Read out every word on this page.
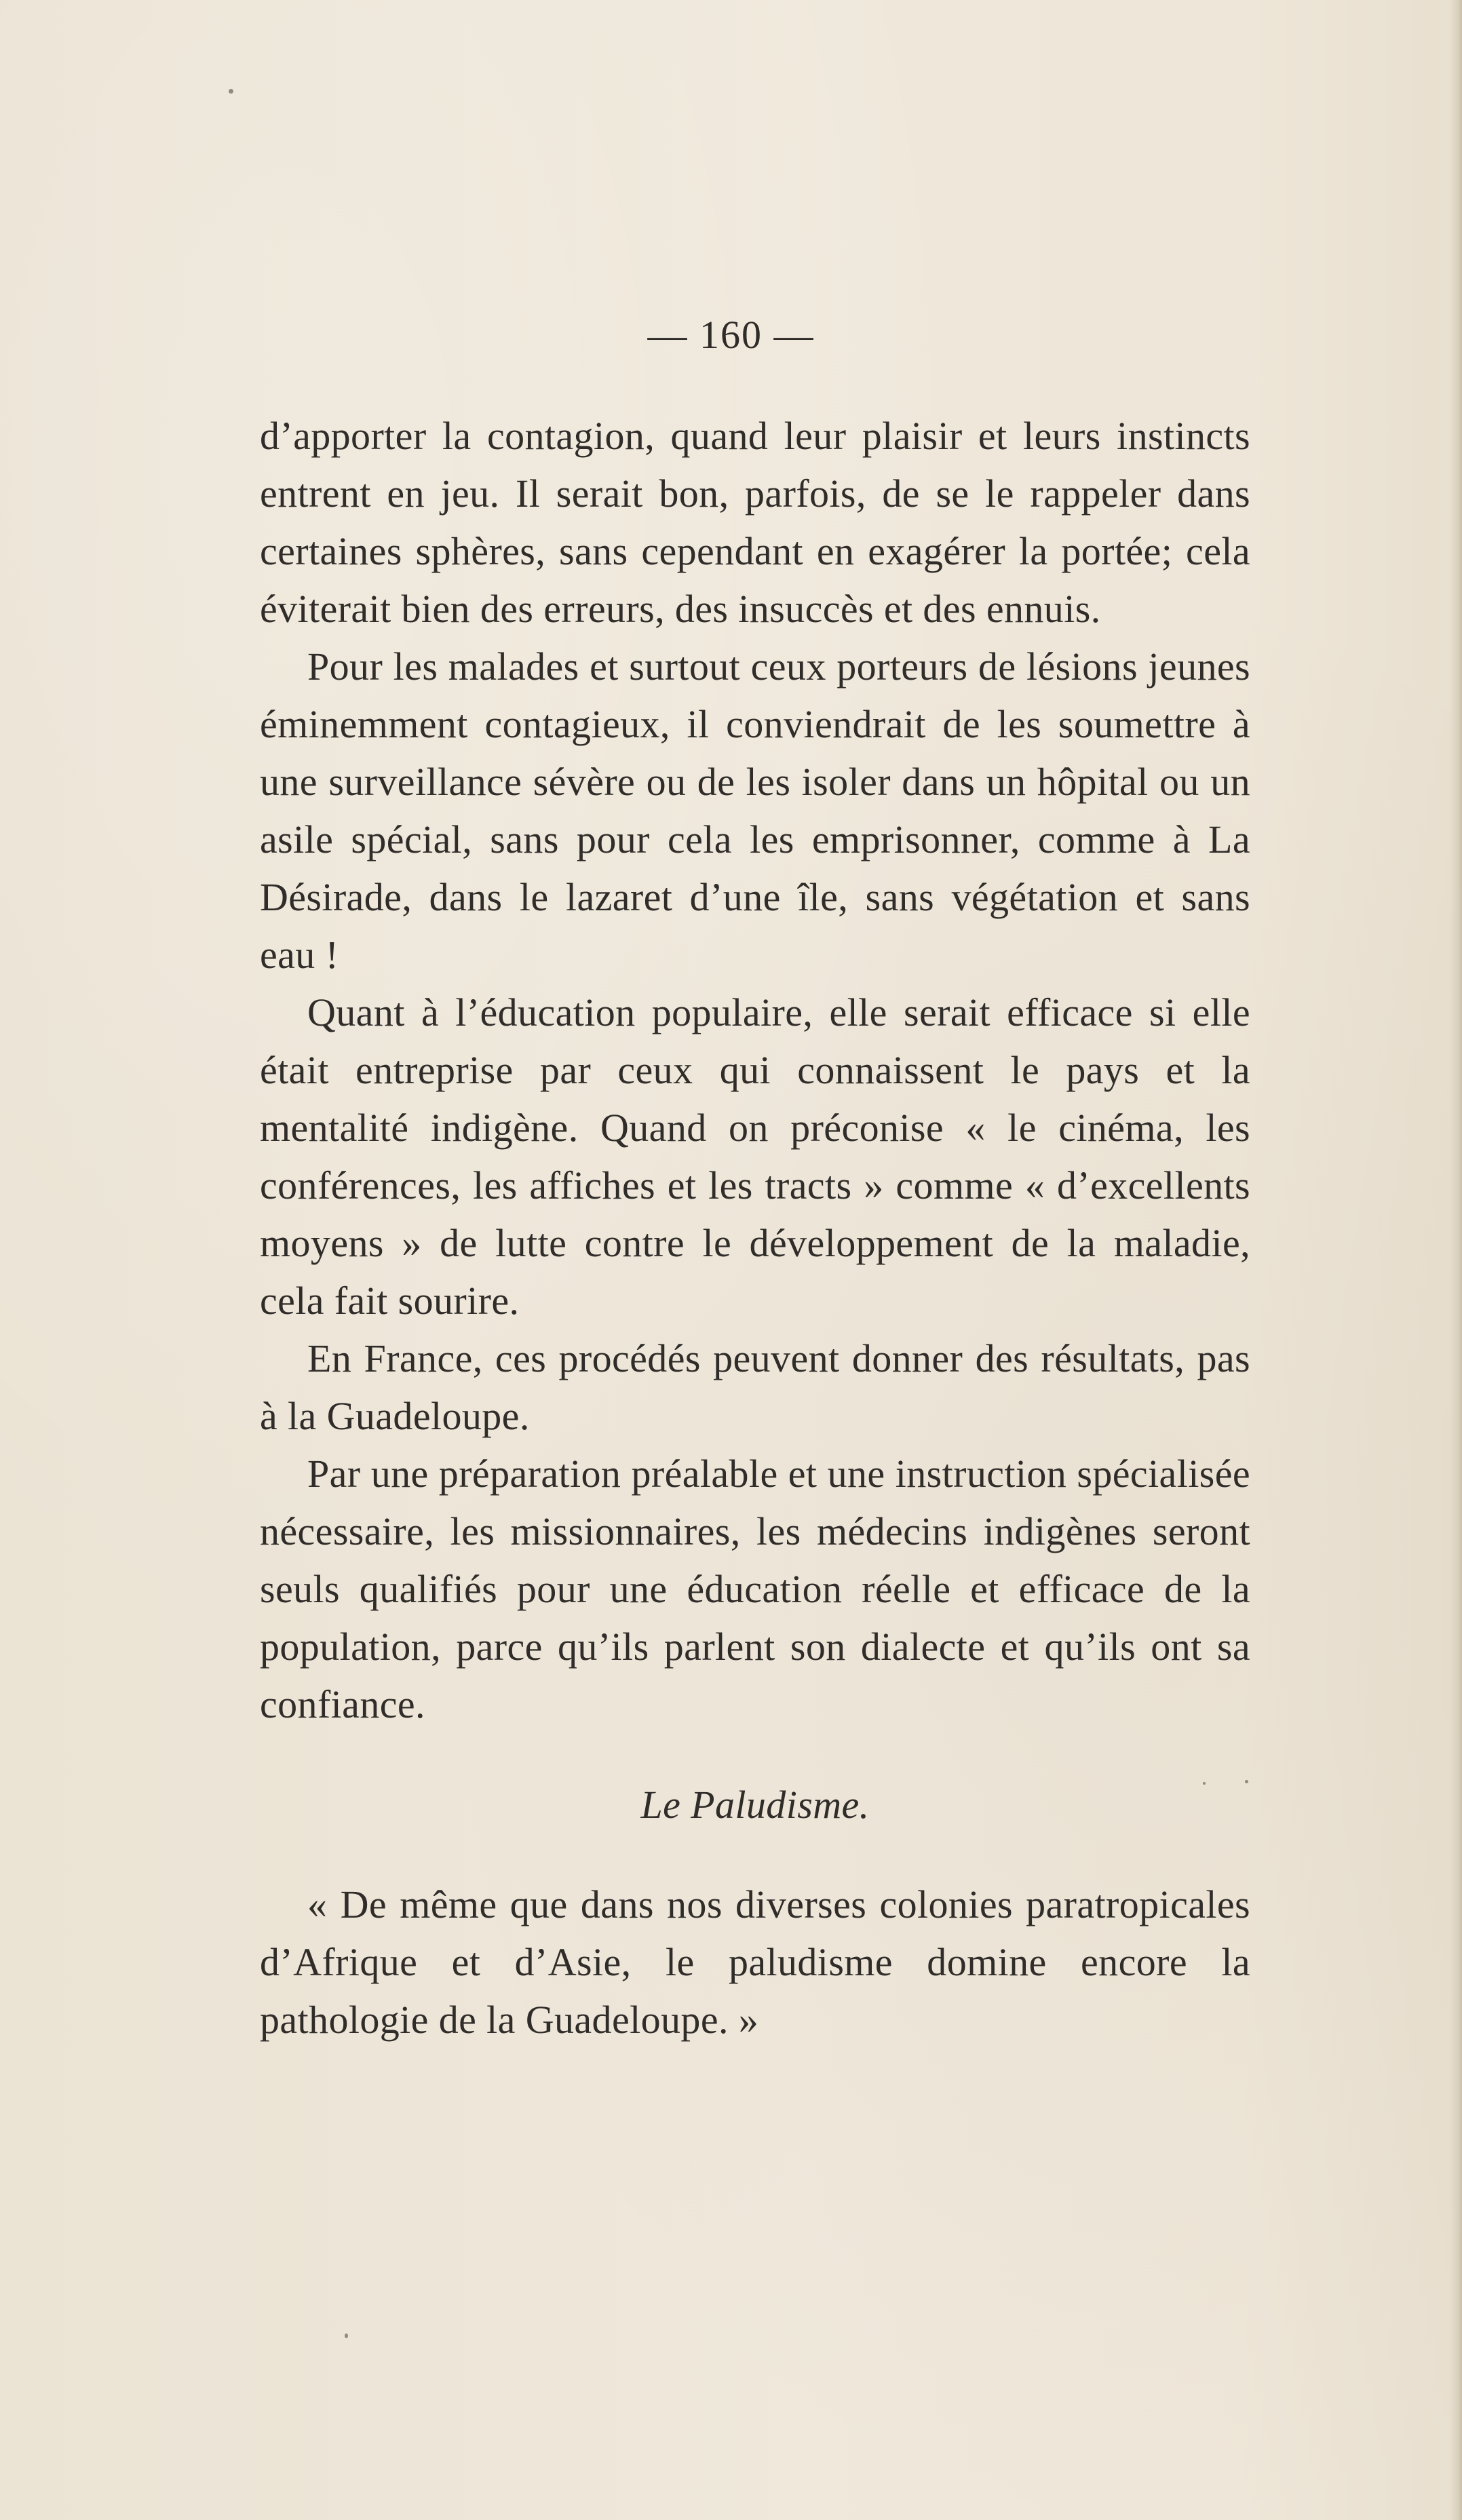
— 160 —

d’apporter la contagion, quand leur plaisir et leurs instincts entrent en jeu. Il serait bon, parfois, de se le rappeler dans certaines sphères, sans cependant en exagérer la portée; cela éviterait bien des erreurs, des insuccès et des ennuis.

Pour les malades et surtout ceux porteurs de lésions jeunes éminemment contagieux, il conviendrait de les soumettre à une surveillance sévère ou de les isoler dans un hôpital ou un asile spécial, sans pour cela les emprisonner, comme à La Désirade, dans le lazaret d’une île, sans végétation et sans eau !

Quant à l’éducation populaire, elle serait efficace si elle était entreprise par ceux qui connaissent le pays et la mentalité indigène. Quand on préconise « le cinéma, les conférences, les affiches et les tracts » comme « d’excellents moyens » de lutte contre le développement de la maladie, cela fait sourire.

En France, ces procédés peuvent donner des résultats, pas à la Guadeloupe.

Par une préparation préalable et une instruction spécialisée nécessaire, les missionnaires, les médecins indigènes seront seuls qualifiés pour une éducation réelle et efficace de la population, parce qu’ils parlent son dialecte et qu’ils ont sa confiance.

Le Paludisme.

« De même que dans nos diverses colonies paratropicales d’Afrique et d’Asie, le paludisme domine encore la pathologie de la Guadeloupe. »
